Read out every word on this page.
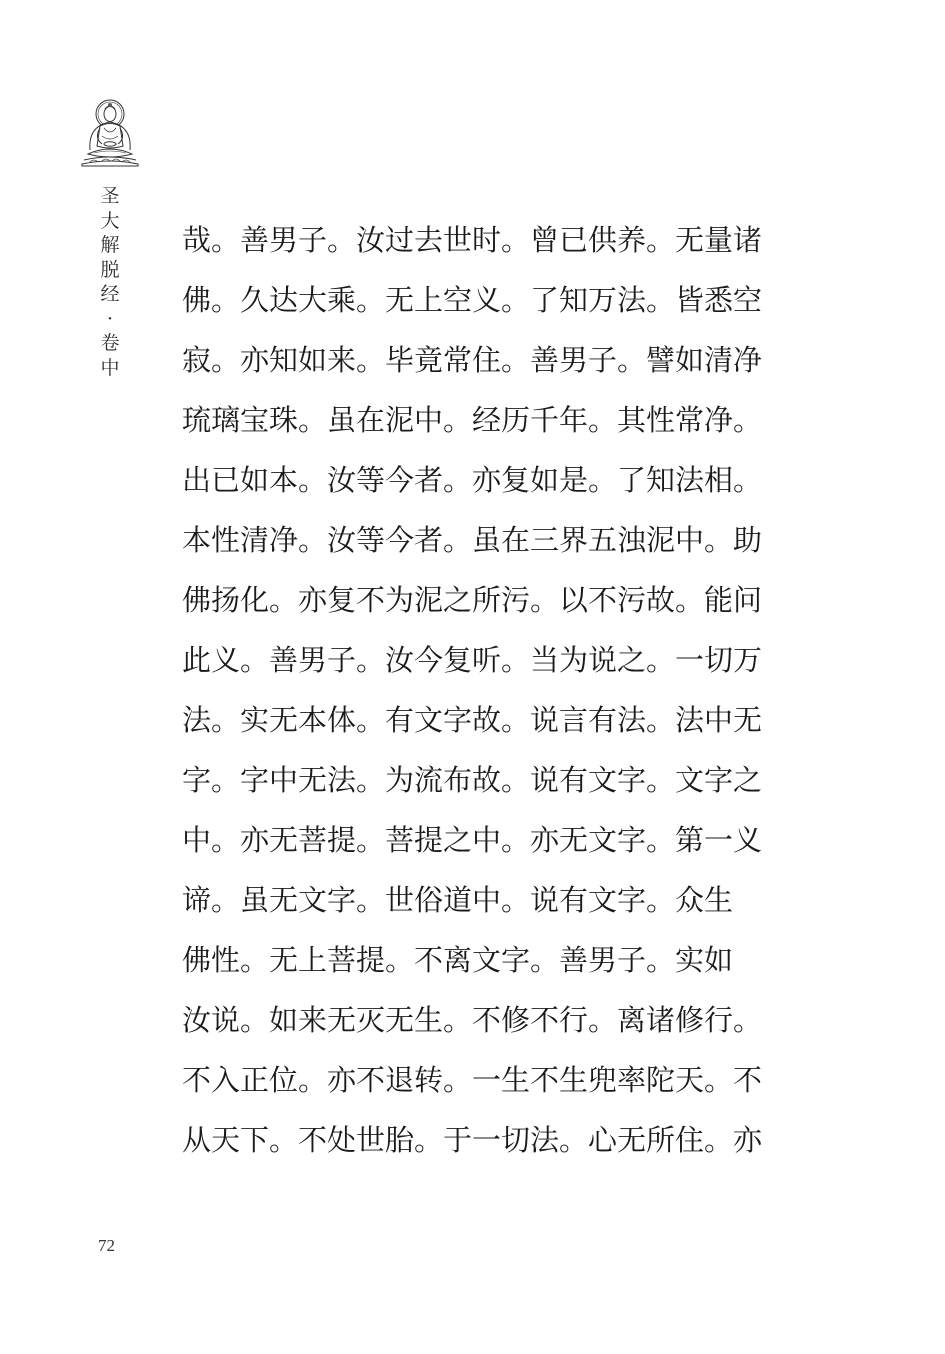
圣
大
解
脱
经
·
卷
中
哉。善男子。汝过去世时。曾已供养。无量诸
佛。久达大乘。无上空义。了知万法。皆悉空
寂。亦知如来。毕竟常住。善男子。譬如清净
琉璃宝珠。虽在泥中。经历千年。其性常净。
出已如本。汝等今者。亦复如是。了知法相。
本性清净。汝等今者。虽在三界五浊泥中。助
佛扬化。亦复不为泥之所污。以不污故。能问
此义。善男子。汝今复听。当为说之。一切万
法。实无本体。有文字故。说言有法。法中无
字。字中无法。为流布故。说有文字。文字之
中。亦无菩提。菩提之中。亦无文字。第一义
谛。虽无文字。世俗道中。说有文字。众生
佛性。无上菩提。不离文字。善男子。实如
汝说。如来无灭无生。不修不行。离诸修行。
不入正位。亦不退转。一生不生兜率陀天。不
从天下。不处世胎。于一切法。心无所住。亦
72
